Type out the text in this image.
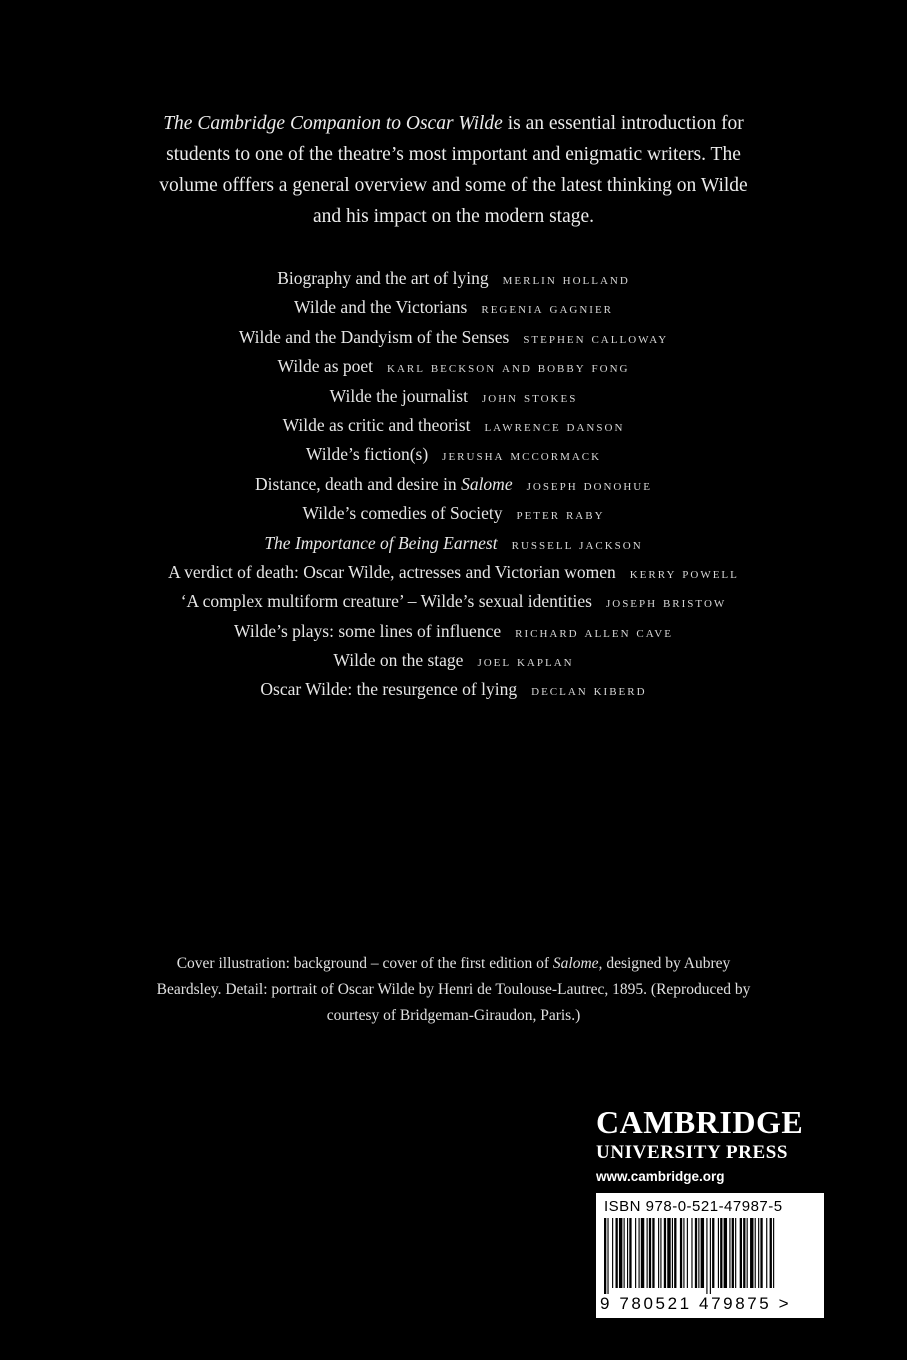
The Cambridge Companion to Oscar Wilde is an essential introduction for students to one of the theatre’s most important and enigmatic writers. The volume offfers a general overview and some of the latest thinking on Wilde and his impact on the modern stage.
Biography and the art of lying merlin holland
Wilde and the Victorians regenia gagnier
Wilde and the Dandyism of the Senses stephen calloway
Wilde as poet karl beckson and bobby fong
Wilde the journalist john stokes
Wilde as critic and theorist lawrence danson
Wilde’s fiction(s) jerusha mccormack
Distance, death and desire in Salome joseph donohue
Wilde’s comedies of Society peter raby
The Importance of Being Earnest russell jackson
A verdict of death: Oscar Wilde, actresses and Victorian women kerry powell
‘A complex multiform creature’ – Wilde’s sexual identities joseph bristow
Wilde’s plays: some lines of influence richard allen cave
Wilde on the stage joel kaplan
Oscar Wilde: the resurgence of lying declan kiberd
Cover illustration: background – cover of the first edition of Salome, designed by Aubrey Beardsley. Detail: portrait of Oscar Wilde by Henri de Toulouse-Lautrec, 1895. (Reproduced by courtesy of Bridgeman-Giraudon, Paris.)
CAMBRIDGE
UNIVERSITY PRESS
www.cambridge.org
ISBN 978-0-521-47987-5
9 780521 479875 >
